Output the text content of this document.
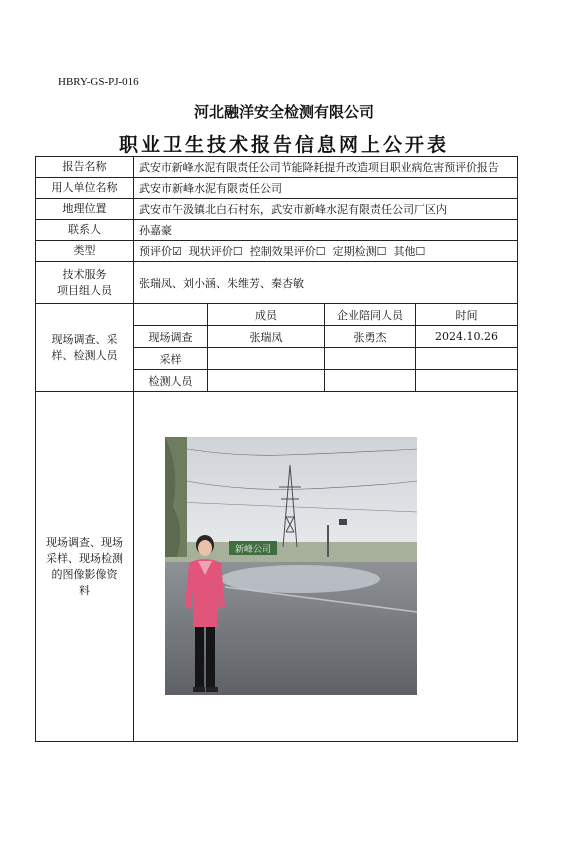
HBRY-GS-PJ-016
河北融洋安全检测有限公司
职业卫生技术报告信息网上公开表
报告名称	武安市新峰水泥有限责任公司节能降耗提升改造项目职业病危害预评价报告			
用人单位名称	武安市新峰水泥有限责任公司			
地理位置	武安市午汲镇北白石村东，武安市新峰水泥有限责任公司厂区内			
联系人	孙嘉豪			
类型	预评价☑ 现状评价☐ 控制效果评价☐ 定期检测☐ 其他☐			
技术服务
项目组人员	张瑞凤、刘小涵、朱维芳、秦杏敏			
现场调查、采
样、检测人员		成员	企业陪同人员	时间
	现场调查	张瑞凤	张勇杰	2024.10.26
	采样			
	检测人员			
现场调查、现场
采样、现场检测
的图像影像资
料	新峰公司			
